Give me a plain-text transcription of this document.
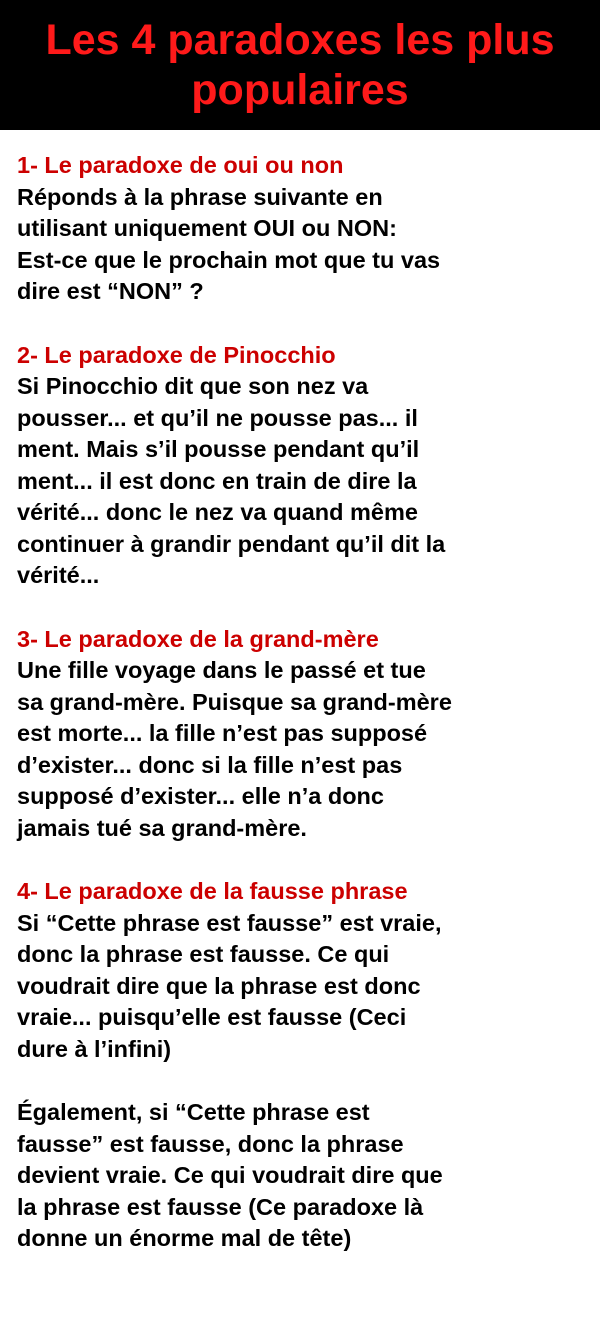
Les 4 paradoxes les plus populaires
1- Le paradoxe de oui ou non

Réponds à la phrase suivante en
utilisant uniquement OUI ou NON:
Est-ce que le prochain mot que tu vas
dire est “NON” ?

2- Le paradoxe de Pinocchio

Si Pinocchio dit que son nez va
pousser... et qu’il ne pousse pas... il
ment. Mais s’il pousse pendant qu’il
ment... il est donc en train de dire la
vérité... donc le nez va quand même
continuer à grandir pendant qu’il dit la
vérité...

3- Le paradoxe de la grand-mère

Une fille voyage dans le passé et tue
sa grand-mère. Puisque sa grand-mère
est morte... la fille n’est pas supposé
d’exister... donc si la fille n’est pas
supposé d’exister... elle n’a donc
jamais tué sa grand-mère.

4- Le paradoxe de la fausse phrase

Si “Cette phrase est fausse” est vraie,
donc la phrase est fausse. Ce qui
voudrait dire que la phrase est donc
vraie... puisqu’elle est fausse (Ceci
dure à l’infini)

Également, si “Cette phrase est
fausse” est fausse, donc la phrase
devient vraie. Ce qui voudrait dire que
la phrase est fausse (Ce paradoxe là
donne un énorme mal de tête)
